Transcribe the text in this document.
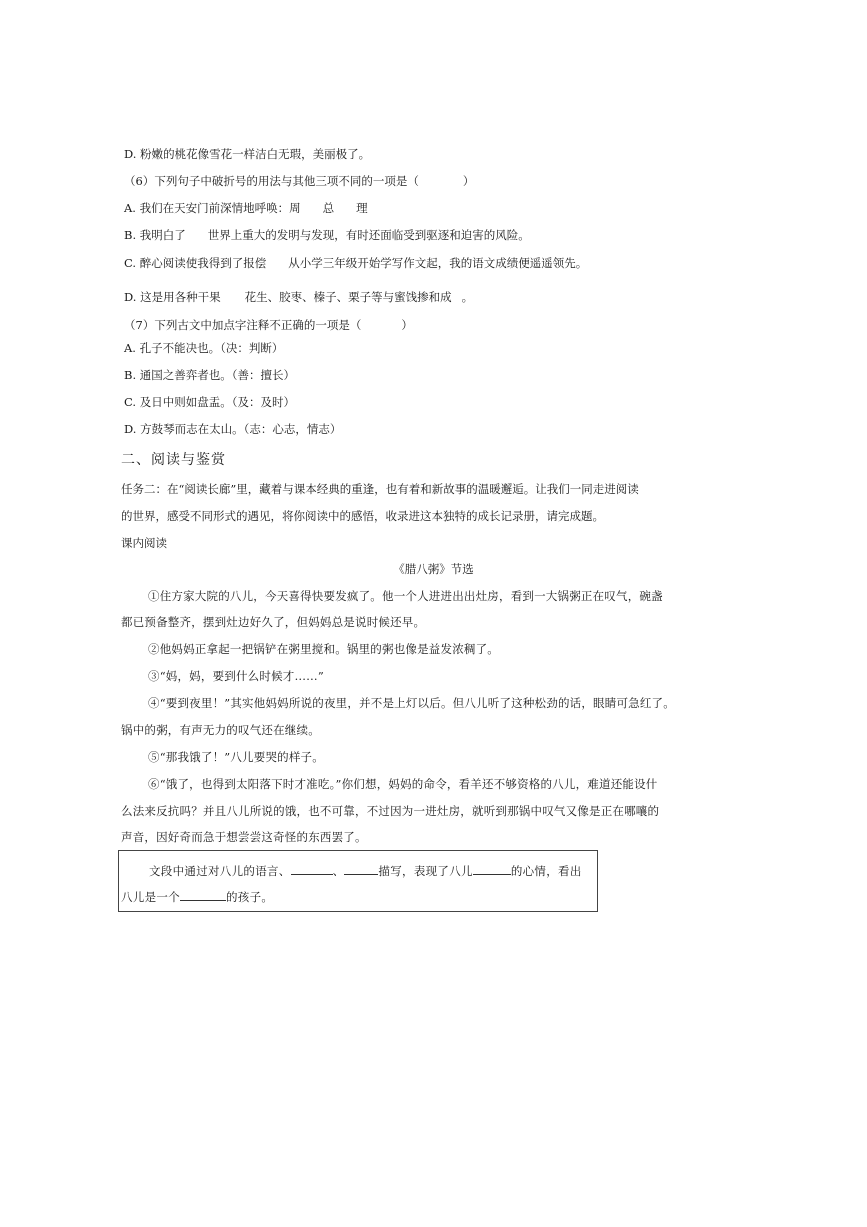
D. 粉嫩的桃花像雪花一样洁白无瑕，美丽极了。
（6）下列句子中破折号的用法与其他三项不同的一项是（	）
A. 我们在天安门前深情地呼唤：周 总 理
B. 我明白了 世界上重大的发明与发现，有时还面临受到驱逐和迫害的风险。
C. 醉心阅读使我得到了报偿 从小学三年级开始学写作文起，我的语文成绩便遥遥领先。
D. 这是用各种干果 花生、胶枣、榛子、栗子等与蜜饯掺和成 。
（7）下列古文中加点字注释不正确的一项是（	）
A. 孔子不能决也。（决：判断）
B. 通国之善弈者也。（善：擅长）
C. 及日中则如盘盂。（及：及时）
D. 方鼓琴而志在太山。（志：心志，情志）
二、阅读与鉴赏
任务二：在“阅读长廊”里，藏着与课本经典的重逢，也有着和新故事的温暖邂逅。让我们一同走进阅读
的世界，感受不同形式的遇见，将你阅读中的感悟，收录进这本独特的成长记录册，请完成题。
课内阅读
《腊八粥》节选
①住方家大院的八儿，今天喜得快要发疯了。他一个人进进出出灶房，看到一大锅粥正在叹气，碗盏
都已预备整齐，摆到灶边好久了，但妈妈总是说时候还早。
②他妈妈正拿起一把锅铲在粥里搅和。锅里的粥也像是益发浓稠了。
③“妈，妈，要到什么时候才……”
④“要到夜里！”其实他妈妈所说的夜里，并不是上灯以后。但八儿听了这种松劲的话，眼睛可急红了。
锅中的粥，有声无力的叹气还在继续。
⑤“那我饿了！”八儿要哭的样子。
⑥“饿了，也得到太阳落下时才准吃。”你们想，妈妈的命令，看羊还不够资格的八儿，难道还能设什
么法来反抗吗？并且八儿所说的饿，也不可靠，不过因为一进灶房，就听到那锅中叹气又像是正在哪嚷的
声音，因好奇而急于想尝尝这奇怪的东西罢了。
文段中通过对八儿的语言、	、	描写，表现了八儿	的心情，看出
八儿是一个	的孩子。
